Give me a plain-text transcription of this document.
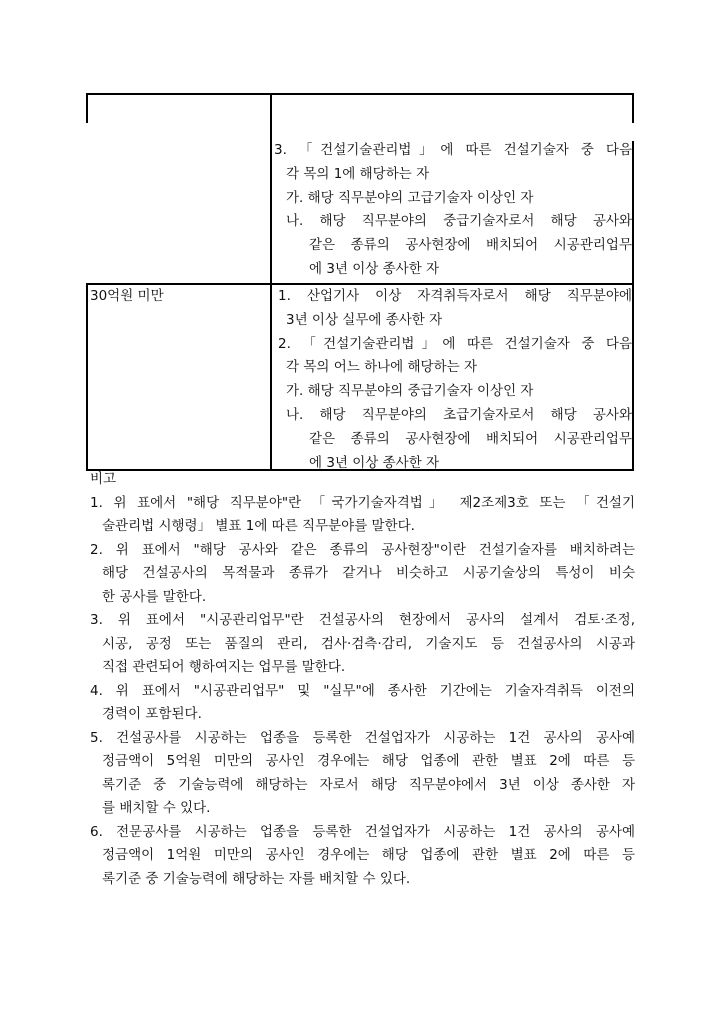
3. 「건설기술관리법」에 따른 건설기술자 중 다음
각 목의 1에 해당하는 자
가. 해당 직무분야의 고급기술자 이상인 자
나. 해당 직무분야의 중급기술자로서 해당 공사와
같은 종류의 공사현장에 배치되어 시공관리업무
에 3년 이상 종사한 자
30억원 미만	1. 산업기사 이상 자격취득자로서 해당 직무분야에
3년 이상 실무에 종사한 자
2. 「건설기술관리법」에 따른 건설기술자 중 다음
각 목의 어느 하나에 해당하는 자
가. 해당 직무분야의 중급기술자 이상인 자
나. 해당 직무분야의 초급기술자로서 해당 공사와
같은 종류의 공사현장에 배치되어 시공관리업무
에 3년 이상 종사한 자
비고
1. 위 표에서 "해당 직무분야"란 「국가기술자격법」 제2조제3호 또는 「건설기
술관리법 시행령」 별표 1에 따른 직무분야를 말한다.
2. 위 표에서 "해당 공사와 같은 종류의 공사현장"이란 건설기술자를 배치하려는
해당 건설공사의 목적물과 종류가 같거나 비슷하고 시공기술상의 특성이 비슷
한 공사를 말한다.
3. 위 표에서 "시공관리업무"란 건설공사의 현장에서 공사의 설계서 검토·조정,
시공, 공정 또는 품질의 관리, 검사·검측·감리, 기술지도 등 건설공사의 시공과
직접 관련되어 행하여지는 업무를 말한다.
4. 위 표에서 "시공관리업무" 및 "실무"에 종사한 기간에는 기술자격취득 이전의
경력이 포함된다.
5. 건설공사를 시공하는 업종을 등록한 건설업자가 시공하는 1건 공사의 공사예
정금액이 5억원 미만의 공사인 경우에는 해당 업종에 관한 별표 2에 따른 등
록기준 중 기술능력에 해당하는 자로서 해당 직무분야에서 3년 이상 종사한 자
를 배치할 수 있다.
6. 전문공사를 시공하는 업종을 등록한 건설업자가 시공하는 1건 공사의 공사예
정금액이 1억원 미만의 공사인 경우에는 해당 업종에 관한 별표 2에 따른 등
록기준 중 기술능력에 해당하는 자를 배치할 수 있다.
